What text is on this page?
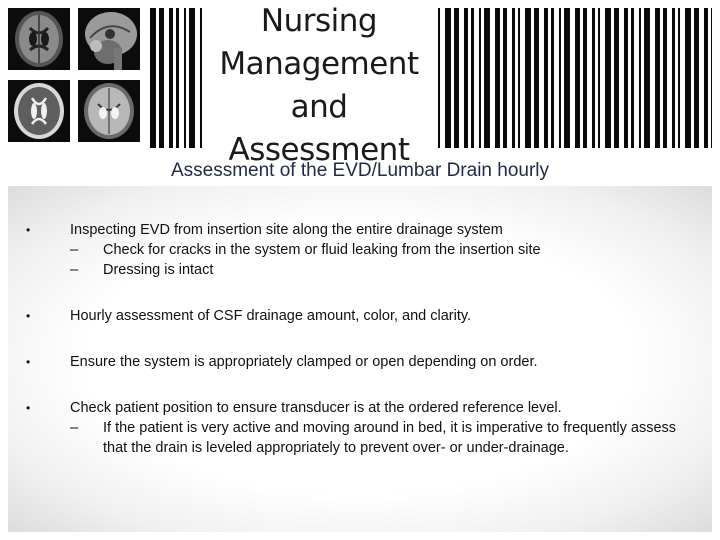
Nursing
Management
and
Assessment
Assessment of the EVD/Lumbar Drain hourly
•	Inspecting EVD from insertion site along the entire drainage system
– Check for cracks in the system or fluid leaking from the insertion site
– Dressing is intact
•	Hourly assessment of CSF drainage amount, color, and clarity.
•	Ensure the system is appropriately clamped or open depending on order.
•	Check patient position to ensure transducer is at the ordered reference level.
– If the patient is very active and moving around in bed, it is imperative to frequently assess that the drain is leveled appropriately to prevent over- or under-drainage.
